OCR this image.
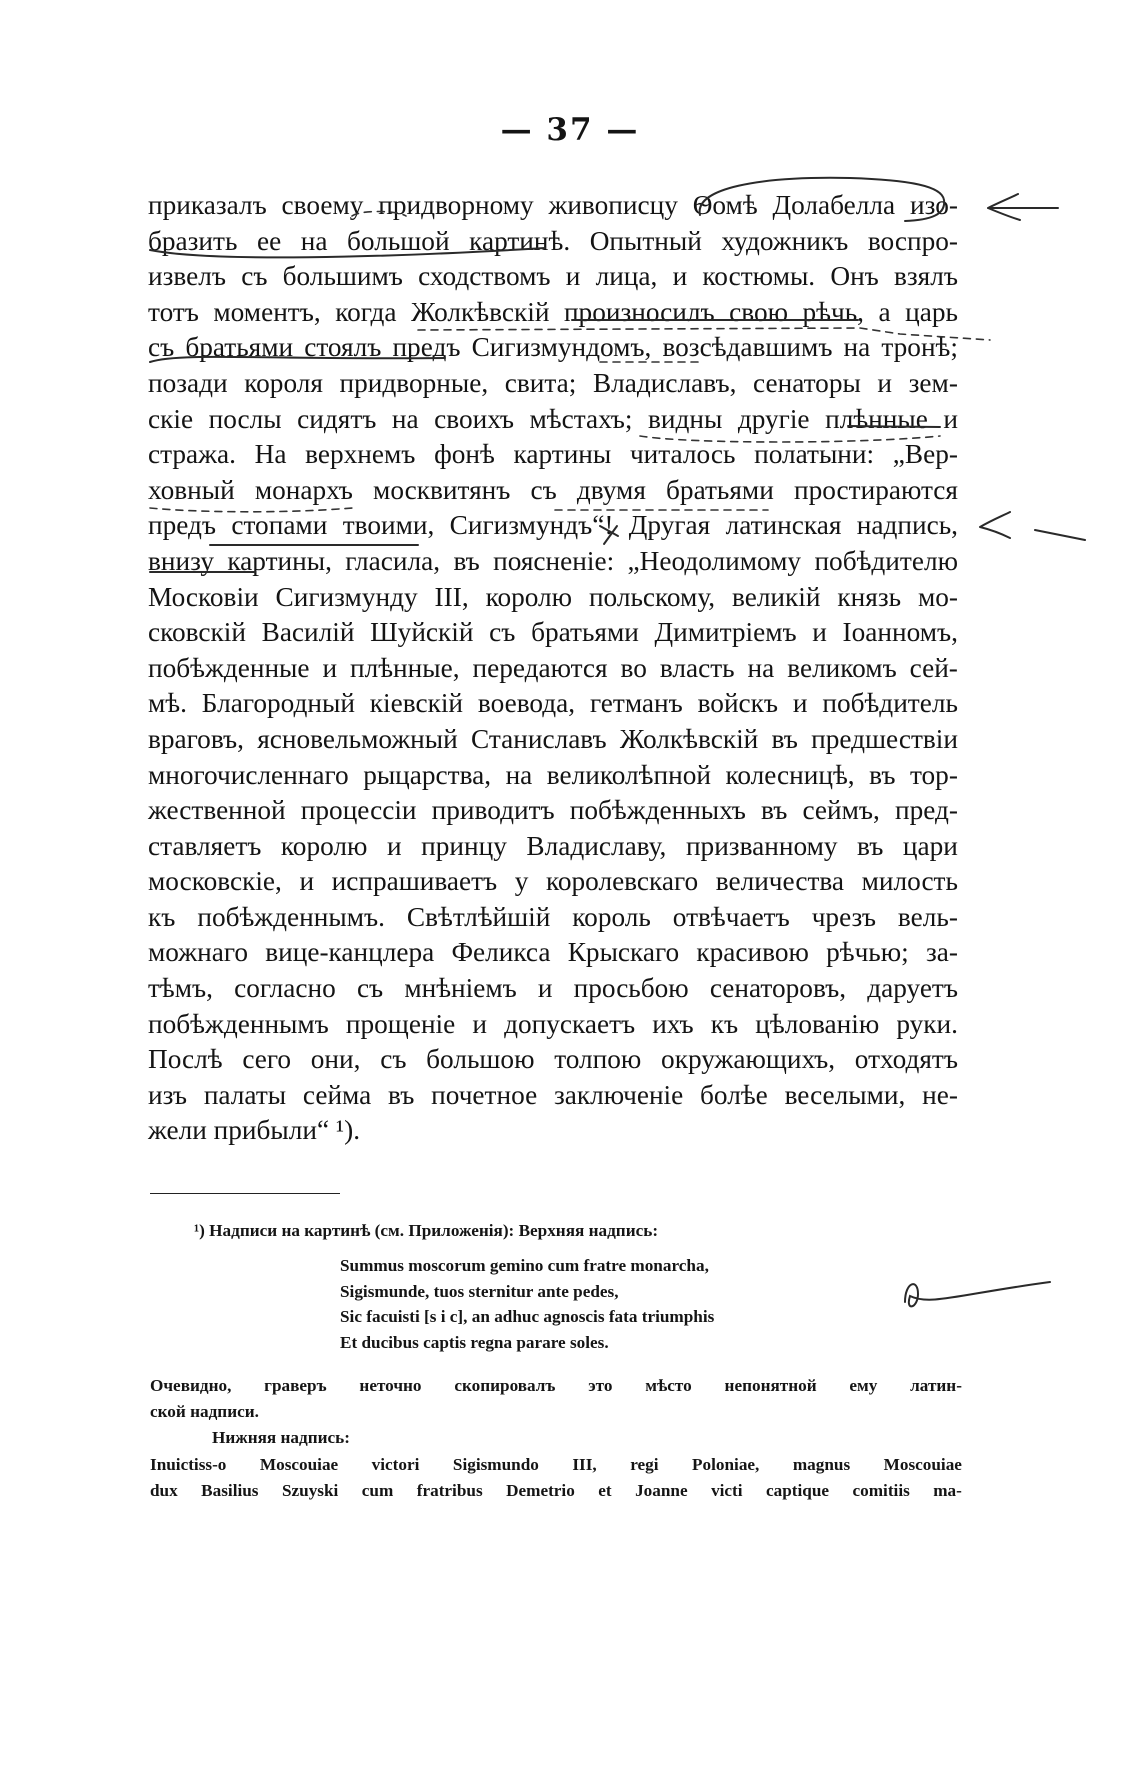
— 37 —
приказалъ своему придворному живописцу Ѳомѣ Долабелла изо-
бразить ее на большой картинѣ. Опытный художникъ воспро-
извелъ съ большимъ сходствомъ и лица, и костюмы. Онъ взялъ
тотъ моментъ, когда Жолкѣвскій произносилъ свою рѣчь, а царь
съ братьями стоялъ предъ Сигизмундомъ, возсѣдавшимъ на тронѣ;
позади короля придворные, свита; Владиславъ, сенаторы и зем-
скіе послы сидятъ на своихъ мѣстахъ; видны другіе плѣнные и
стража. На верхнемъ фонѣ картины читалось полатыни: „Вер-
ховный монархъ москвитянъ съ двумя братьями простираются
предъ стопами твоими, Сигизмундъ“! Другая латинская надпись,
внизу картины, гласила, въ поясненіе: „Неодолимому побѣдителю
Московіи Сигизмунду III, королю польскому, великій князь мо-
сковскій Василій Шуйскій съ братьями Димитріемъ и Іоанномъ,
побѣжденные и плѣнные, передаются во власть на великомъ сей-
мѣ. Благородный кіевскій воевода, гетманъ войскъ и побѣдитель
враговъ, ясновельможный Станиславъ Жолкѣвскій въ предшествіи
многочисленнаго рыцарства, на великолѣпной колесницѣ, въ тор-
жественной процессіи приводитъ побѣжденныхъ въ сеймъ, пред-
ставляетъ королю и принцу Владиславу, призванному въ цари
московскіе, и испрашиваетъ у королевскаго величества милость
къ побѣжденнымъ. Свѣтлѣйшій король отвѣчаетъ чрезъ вель-
можнаго вице-канцлера Феликса Крыскаго красивою рѣчью; за-
тѣмъ, согласно съ мнѣніемъ и просьбою сенаторовъ, даруетъ
побѣжденнымъ прощеніе и допускаетъ ихъ къ цѣлованію руки.
Послѣ сего они, съ большою толпою окружающихъ, отходятъ
изъ палаты сейма въ почетное заключеніе болѣе веселыми, не-
жели прибыли“ ¹).
¹) Надписи на картинѣ (см. Приложенія): Верхняя надпись:
Summus moscorum gemino cum fratre monarcha,
Sigismunde, tuos sternitur ante pedes,
Sic facuisti [s i c], an adhuc agnoscis fata triumphis
Et ducibus captis regna parare soles.
Очевидно, граверъ неточно скопировалъ это мѣсто непонятной ему латин-
ской надписи.
Нижняя надпись:
Inuictiss-o Moscouiae victori Sigismundo III, regi Poloniae, magnus Moscouiae
dux Basilius Szuyski cum fratribus Demetrio et Joanne victi captique comitiis ma-
